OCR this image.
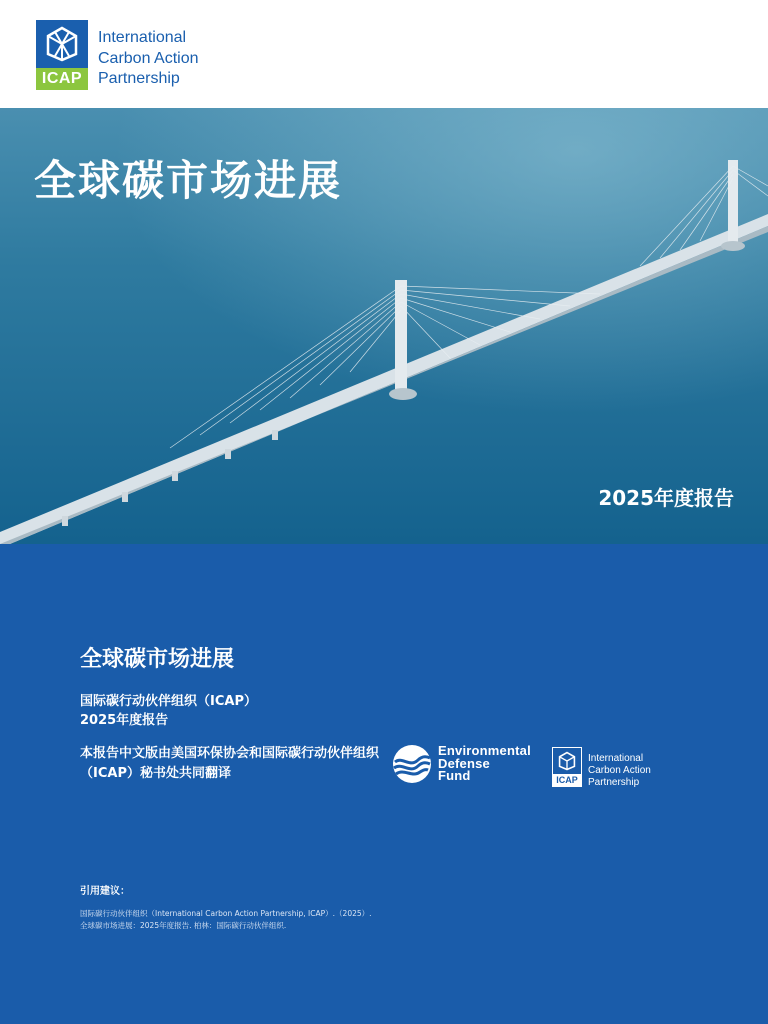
ICAP
International
Carbon Action
Partnership
全球碳市场进展
2025年度报告
全球碳市场进展
国际碳行动伙伴组织（ICAP）
2025年度报告
本报告中文版由美国环保协会和国际碳行动伙伴组织（ICAP）秘书处共同翻译
Environmental
Defense
Fund	ICAP
International
Carbon Action
Partnership
引用建议：
国际碳行动伙伴组织（International Carbon Action Partnership, ICAP）.（2025）.
全球碳市场进展：2025年度报告. 柏林：国际碳行动伙伴组织.
